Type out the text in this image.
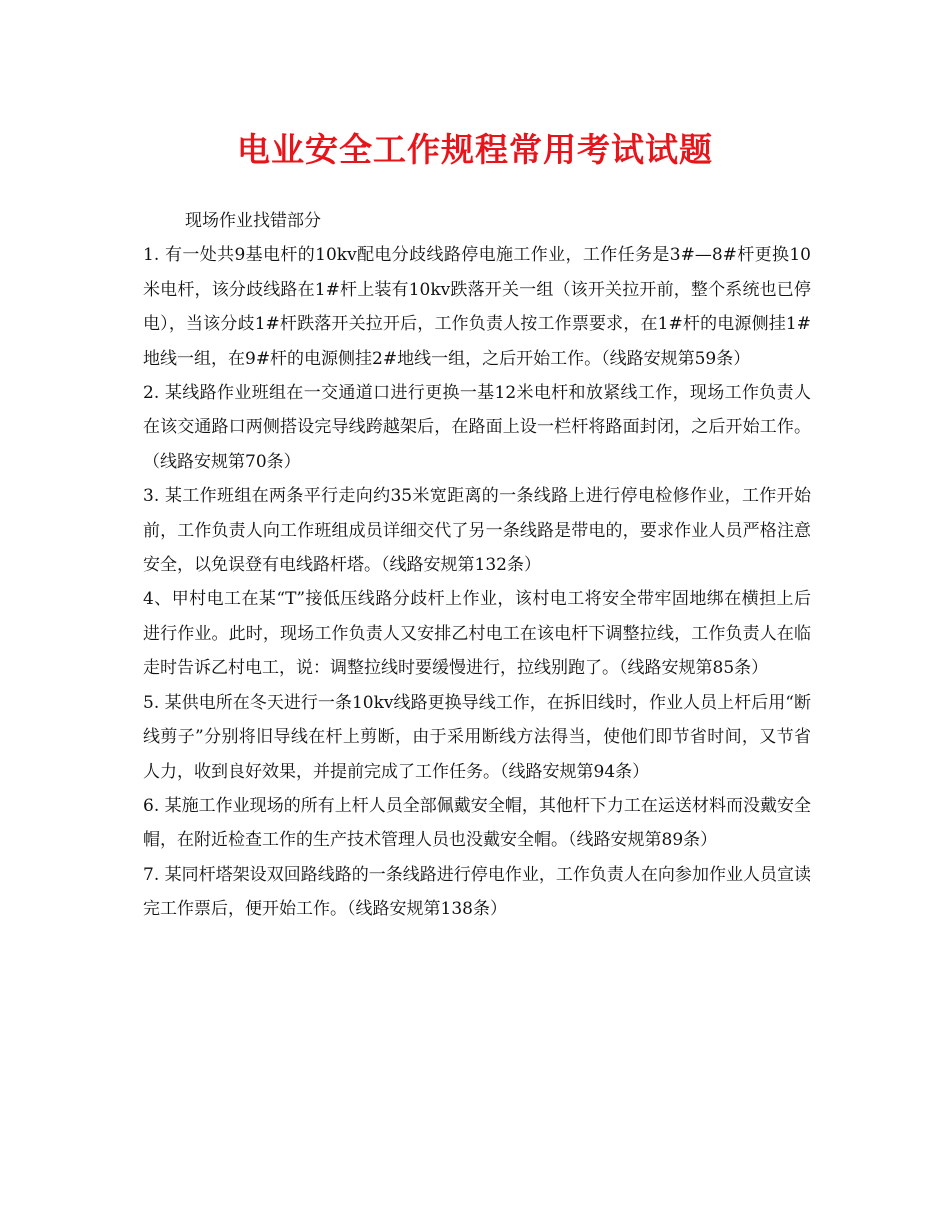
电业安全工作规程常用考试试题

现场作业找错部分

1. 有一处共9基电杆的10kv配电分歧线路停电施工作业，工作任务是3#—8#杆更换10米电杆，该分歧线路在1#杆上装有10kv跌落开关一组（该开关拉开前，整个系统也已停电），当该分歧1#杆跌落开关拉开后，工作负责人按工作票要求，在1#杆的电源侧挂1#地线一组，在9#杆的电源侧挂2#地线一组，之后开始工作。（线路安规第59条）

2. 某线路作业班组在一交通道口进行更换一基12米电杆和放紧线工作，现场工作负责人在该交通路口两侧搭设完导线跨越架后，在路面上设一栏杆将路面封闭，之后开始工作。（线路安规第70条）

3. 某工作班组在两条平行走向约35米宽距离的一条线路上进行停电检修作业，工作开始前，工作负责人向工作班组成员详细交代了另一条线路是带电的，要求作业人员严格注意安全，以免误登有电线路杆塔。（线路安规第132条）

4、甲村电工在某“T”接低压线路分歧杆上作业，该村电工将安全带牢固地绑在横担上后进行作业。此时，现场工作负责人又安排乙村电工在该电杆下调整拉线，工作负责人在临走时告诉乙村电工，说：调整拉线时要缓慢进行，拉线别跑了。（线路安规第85条）

5. 某供电所在冬天进行一条10kv线路更换导线工作，在拆旧线时，作业人员上杆后用“断线剪子”分别将旧导线在杆上剪断，由于采用断线方法得当，使他们即节省时间，又节省人力，收到良好效果，并提前完成了工作任务。（线路安规第94条）

6. 某施工作业现场的所有上杆人员全部佩戴安全帽，其他杆下力工在运送材料而没戴安全帽，在附近检查工作的生产技术管理人员也没戴安全帽。（线路安规第89条）

7. 某同杆塔架设双回路线路的一条线路进行停电作业，工作负责人在向参加作业人员宣读完工作票后，便开始工作。（线路安规第138条）
